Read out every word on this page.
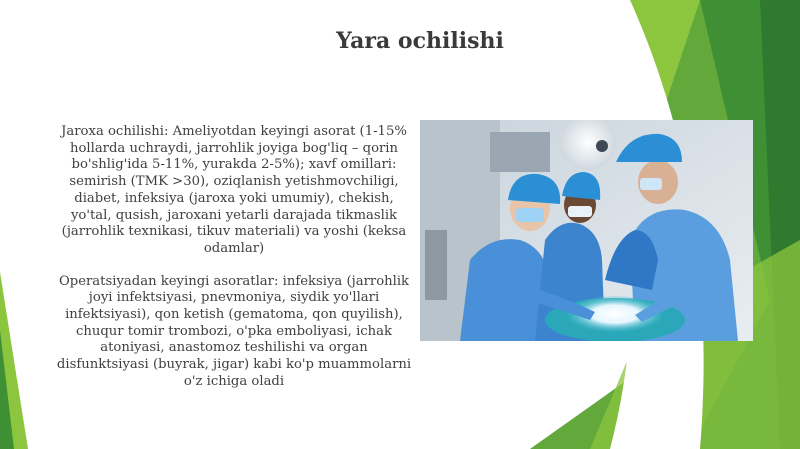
Yara ochilishi

Jaroxa ochilishi: Ameliyotdan keyingi asorat (1-15% hollarda uchraydi, jarrohlik joyiga bog'liq – qorin bo'shlig'ida 5-11%, yurakda 2-5%); xavf omillari: semirish (TMK >30), oziqlanish yetishmovchiligi, diabet, infeksiya (jaroxa yoki umumiy), chekish, yo'tal, qusish, jaroxani yetarli darajada tikmaslik (jarrohlik texnikasi, tikuv materiali) va yoshi (keksa odamlar)

Operatsiyadan keyingi asoratlar: infeksiya (jarrohlik joyi infektsiyasi, pnevmoniya, siydik yo'llari infektsiyasi), qon ketish (gematoma, qon quyilish), chuqur tomir trombozi, o'pka emboliyasi, ichak atoniyasi, anastomoz teshilishi va organ disfunktsiyasi (buyrak, jigar) kabi ko'p muammolarni o'z ichiga oladi
